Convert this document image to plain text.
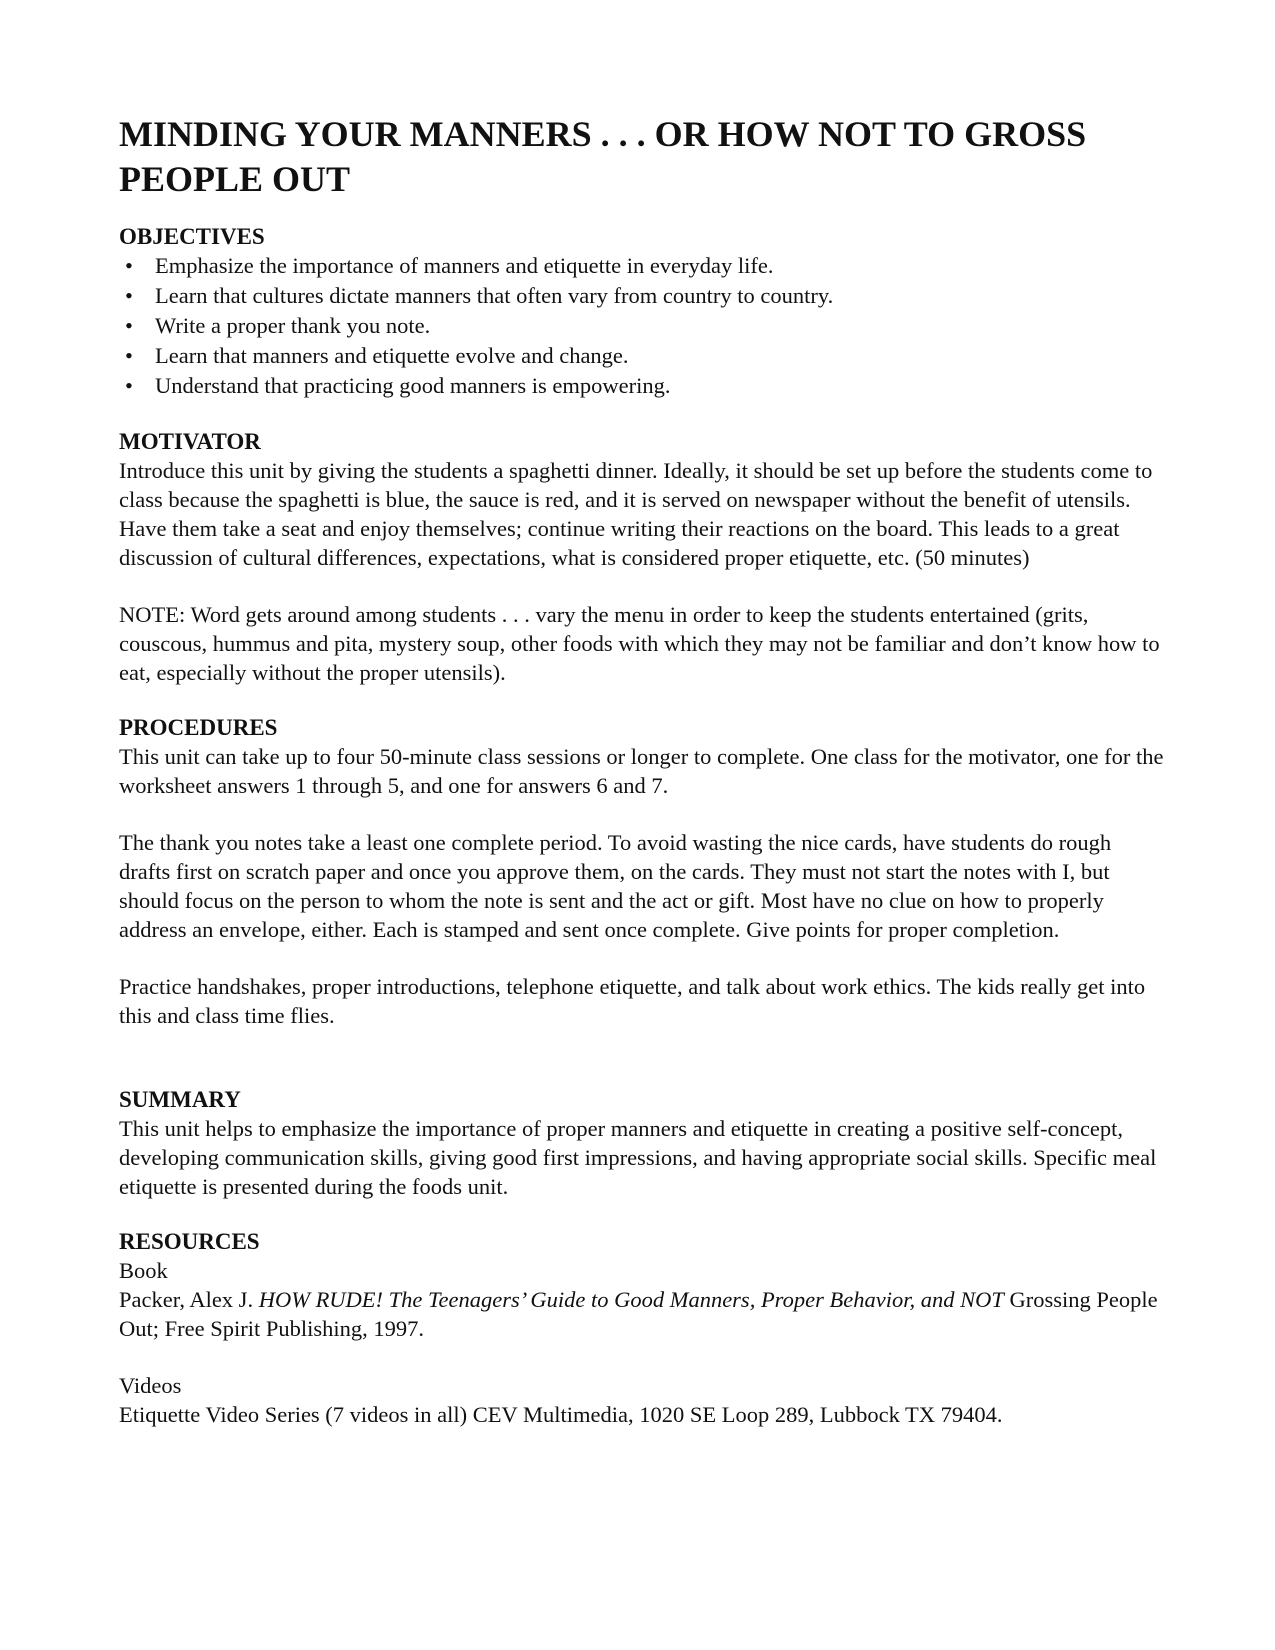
MINDING YOUR MANNERS . . . OR HOW NOT TO GROSS PEOPLE OUT
OBJECTIVES
• Emphasize the importance of manners and etiquette in everyday life.
• Learn that cultures dictate manners that often vary from country to country.
• Write a proper thank you note.
• Learn that manners and etiquette evolve and change.
• Understand that practicing good manners is empowering.
MOTIVATOR

Introduce this unit by giving the students a spaghetti dinner. Ideally, it should be set up before the students come to class because the spaghetti is blue, the sauce is red, and it is served on newspaper without the benefit of utensils. Have them take a seat and enjoy themselves; continue writing their reactions on the board. This leads to a great discussion of cultural differences, expectations, what is considered proper etiquette, etc. (50 minutes)

NOTE: Word gets around among students . . . vary the menu in order to keep the students entertained (grits, couscous, hummus and pita, mystery soup, other foods with which they may not be familiar and don’t know how to eat, especially without the proper utensils).

PROCEDURES

This unit can take up to four 50-minute class sessions or longer to complete. One class for the motivator, one for the worksheet answers 1 through 5, and one for answers 6 and 7.

The thank you notes take a least one complete period. To avoid wasting the nice cards, have students do rough drafts first on scratch paper and once you approve them, on the cards. They must not start the notes with I, but should focus on the person to whom the note is sent and the act or gift. Most have no clue on how to properly address an envelope, either. Each is stamped and sent once complete. Give points for proper completion.

Practice handshakes, proper introductions, telephone etiquette, and talk about work ethics. The kids really get into this and class time flies.

SUMMARY

This unit helps to emphasize the importance of proper manners and etiquette in creating a positive self-concept, developing communication skills, giving good first impressions, and having appropriate social skills. Specific meal etiquette is presented during the foods unit.

RESOURCES

Book

Packer, Alex J. HOW RUDE! The Teenagers’ Guide to Good Manners, Proper Behavior, and NOT Grossing People Out; Free Spirit Publishing, 1997.

Videos

Etiquette Video Series (7 videos in all) CEV Multimedia, 1020 SE Loop 289, Lubbock TX 79404.
